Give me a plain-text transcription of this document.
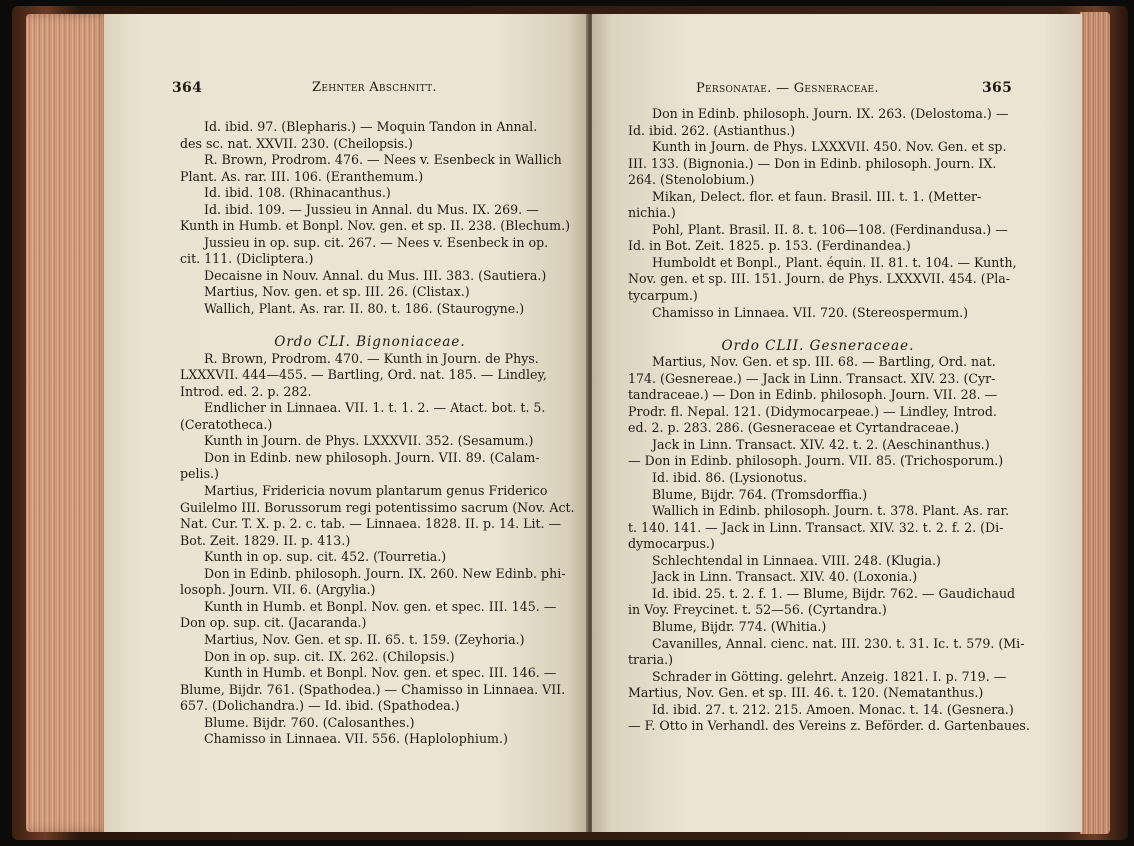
364	Zehnter Abschnitt.

Id. ibid. 97. (Blepharis.) — Moquin Tandon in Annal.

des sc. nat. XXVII. 230. (Cheilopsis.)

R. Brown, Prodrom. 476. — Nees v. Esenbeck in Wallich

Plant. As. rar. III. 106. (Eranthemum.)

Id. ibid. 108. (Rhinacanthus.)

Id. ibid. 109. — Jussieu in Annal. du Mus. IX. 269. —

Kunth in Humb. et Bonpl. Nov. gen. et sp. II. 238. (Blechum.)

Jussieu in op. sup. cit. 267. — Nees v. Esenbeck in op.

cit. 111. (Dicliptera.)

Decaisne in Nouv. Annal. du Mus. III. 383. (Sautiera.)

Martius, Nov. gen. et sp. III. 26. (Clistax.)

Wallich, Plant. As. rar. II. 80. t. 186. (Staurogyne.)

Ordo CLI. Bignoniaceae.

R. Brown, Prodrom. 470. — Kunth in Journ. de Phys.

LXXXVII. 444—455. — Bartling, Ord. nat. 185. — Lindley,

Introd. ed. 2. p. 282.

Endlicher in Linnaea. VII. 1. t. 1. 2. — Atact. bot. t. 5.

(Ceratotheca.)

Kunth in Journ. de Phys. LXXXVII. 352. (Sesamum.)

Don in Edinb. new philosoph. Journ. VII. 89. (Calam-

pelis.)

Martius, Fridericia novum plantarum genus Friderico

Guilelmo III. Borussorum regi potentissimo sacrum (Nov. Act.

Nat. Cur. T. X. p. 2. c. tab. — Linnaea. 1828. II. p. 14. Lit. —

Bot. Zeit. 1829. II. p. 413.)

Kunth in op. sup. cit. 452. (Tourretia.)

Don in Edinb. philosoph. Journ. IX. 260. New Edinb. phi-

losoph. Journ. VII. 6. (Argylia.)

Kunth in Humb. et Bonpl. Nov. gen. et spec. III. 145. —

Don op. sup. cit. (Jacaranda.)

Martius, Nov. Gen. et sp. II. 65. t. 159. (Zeyhoria.)

Don in op. sup. cit. IX. 262. (Chilopsis.)

Kunth in Humb. et Bonpl. Nov. gen. et spec. III. 146. —

Blume, Bijdr. 761. (Spathodea.) — Chamisso in Linnaea. VII.

657. (Dolichandra.) — Id. ibid. (Spathodea.)

Blume. Bijdr. 760. (Calosanthes.)

Chamisso in Linnaea. VII. 556. (Haplolophium.)

Personatae. — Gesneraceae.	365

Don in Edinb. philosoph. Journ. IX. 263. (Delostoma.) —

Id. ibid. 262. (Astianthus.)

Kunth in Journ. de Phys. LXXXVII. 450. Nov. Gen. et sp.

III. 133. (Bignonia.) — Don in Edinb. philosoph. Journ. IX.

264. (Stenolobium.)

Mikan, Delect. flor. et faun. Brasil. III. t. 1. (Metter-

nichia.)

Pohl, Plant. Brasil. II. 8. t. 106—108. (Ferdinandusa.) —

Id. in Bot. Zeit. 1825. p. 153. (Ferdinandea.)

Humboldt et Bonpl., Plant. équin. II. 81. t. 104. — Kunth,

Nov. gen. et sp. III. 151. Journ. de Phys. LXXXVII. 454. (Pla-

tycarpum.)

Chamisso in Linnaea. VII. 720. (Stereospermum.)

Ordo CLII. Gesneraceae.

Martius, Nov. Gen. et sp. III. 68. — Bartling, Ord. nat.

174. (Gesnereae.) — Jack in Linn. Transact. XIV. 23. (Cyr-

tandraceae.) — Don in Edinb. philosoph. Journ. VII. 28. —

Prodr. fl. Nepal. 121. (Didymocarpeae.) — Lindley, Introd.

ed. 2. p. 283. 286. (Gesneraceae et Cyrtandraceae.)

Jack in Linn. Transact. XIV. 42. t. 2. (Aeschinanthus.)

— Don in Edinb. philosoph. Journ. VII. 85. (Trichosporum.)

Id. ibid. 86. (Lysionotus.

Blume, Bijdr. 764. (Tromsdorffia.)

Wallich in Edinb. philosoph. Journ. t. 378. Plant. As. rar.

t. 140. 141. — Jack in Linn. Transact. XIV. 32. t. 2. f. 2. (Di-

dymocarpus.)

Schlechtendal in Linnaea. VIII. 248. (Klugia.)

Jack in Linn. Transact. XIV. 40. (Loxonia.)

Id. ibid. 25. t. 2. f. 1. — Blume, Bijdr. 762. — Gaudichaud

in Voy. Freycinet. t. 52—56. (Cyrtandra.)

Blume, Bijdr. 774. (Whitia.)

Cavanilles, Annal. cienc. nat. III. 230. t. 31. Ic. t. 579. (Mi-

traria.)

Schrader in Götting. gelehrt. Anzeig. 1821. I. p. 719. —

Martius, Nov. Gen. et sp. III. 46. t. 120. (Nematanthus.)

Id. ibid. 27. t. 212. 215. Amoen. Monac. t. 14. (Gesnera.)

— F. Otto in Verhandl. des Vereins z. Beförder. d. Gartenbaues.
